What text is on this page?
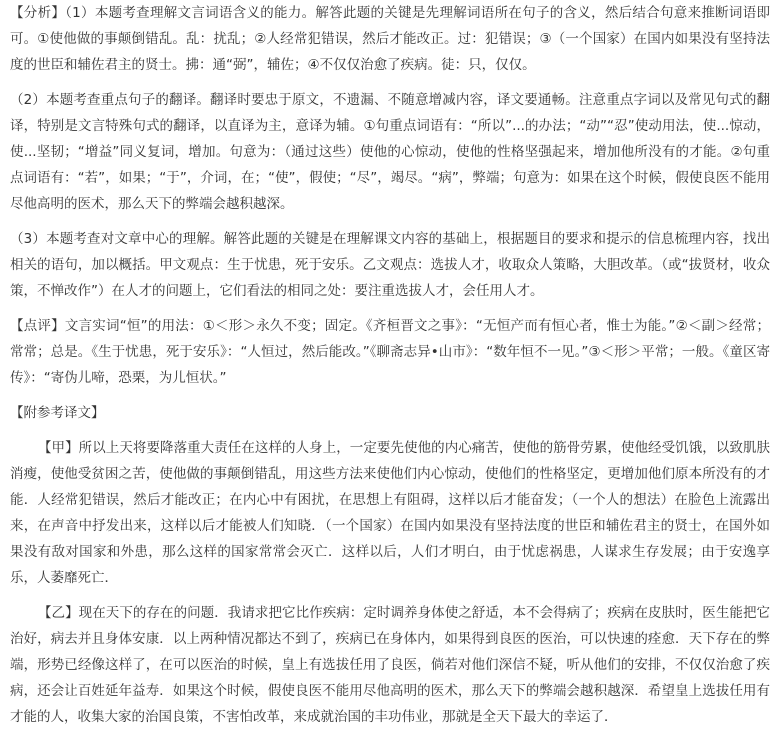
【分析】（1）本题考查理解文言词语含义的能力。解答此题的关键是先理解词语所在句子的含义，然后结合句意来推断词语即可。①使他做的事颠倒错乱。乱：扰乱；②人经常犯错误，然后才能改正。过：犯错误；③（一个国家）在国内如果没有坚持法度的世臣和辅佐君主的贤士。拂：通“弼”，辅佐；④不仅仅治愈了疾病。徒：只，仅仅。

（2）本题考查重点句子的翻译。翻译时要忠于原文，不遗漏、不随意增减内容，译文要通畅。注意重点字词以及常见句式的翻译，特别是文言特殊句式的翻译，以直译为主，意译为辅。①句重点词语有：“所以”...的办法；“动”“忍”使动用法，使...惊动，使...坚韧；“增益”同义复词，增加。句意为：（通过这些）使他的心惊动，使他的性格坚强起来，增加他所没有的才能。②句重点词语有：“若”，如果；“于”，介词，在；“使”，假使；“尽”，竭尽。“病”，弊端；句意为：如果在这个时候，假使良医不能用尽他高明的医术，那么天下的弊端会越积越深。

（3）本题考查对文章中心的理解。解答此题的关键是在理解课文内容的基础上，根据题目的要求和提示的信息梳理内容，找出相关的语句，加以概括。甲文观点：生于忧患，死于安乐。乙文观点：选拔人才，收取众人策略，大胆改革。（或“拔贤材，收众策，不惮改作”）在人才的问题上，它们看法的相同之处：要注重选拔人才，会任用人才。

【点评】文言实词“恒”的用法：①＜形＞永久不变；固定。《齐桓晋文之事》：“无恒产而有恒心者，惟士为能。”②＜副＞经常；常常；总是。《生于忧患，死于安乐》：“人恒过，然后能改。”《聊斋志异•山市》：“数年恒不一见。”③＜形＞平常；一般。《童区寄传》：“寄伪儿啼，恐栗，为儿恒状。”

【附参考译文】

【甲】所以上天将要降落重大责任在这样的人身上，一定要先使他的内心痛苦，使他的筋骨劳累，使他经受饥饿，以致肌肤消瘦，使他受贫困之苦，使他做的事颠倒错乱，用这些方法来使他们内心惊动，使他们的性格坚定，更增加他们原本所没有的才能．人经常犯错误，然后才能改正；在内心中有困扰，在思想上有阻碍，这样以后才能奋发；（一个人的想法）在脸色上流露出来，在声音中抒发出来，这样以后才能被人们知晓．（一个国家）在国内如果没有坚持法度的世臣和辅佐君主的贤士，在国外如果没有敌对国家和外患，那么这样的国家常常会灭亡．这样以后，人们才明白，由于忧虑祸患，人谋求生存发展；由于安逸享乐，人萎靡死亡．

【乙】现在天下的存在的问题．我请求把它比作疾病：定时调养身体使之舒适，本不会得病了；疾病在皮肤时，医生能把它治好，病去并且身体安康．以上两种情况都达不到了，疾病已在身体内，如果得到良医的医治，可以快速的痊愈．天下存在的弊端，形势已经像这样了，在可以医治的时候，皇上有选拔任用了良医，倘若对他们深信不疑，听从他们的安排，不仅仅治愈了疾病，还会让百姓延年益寿．如果这个时候，假使良医不能用尽他高明的医术，那么天下的弊端会越积越深．希望皇上选拔任用有才能的人，收集大家的治国良策，不害怕改革，来成就治国的丰功伟业，那就是全天下最大的幸运了．
